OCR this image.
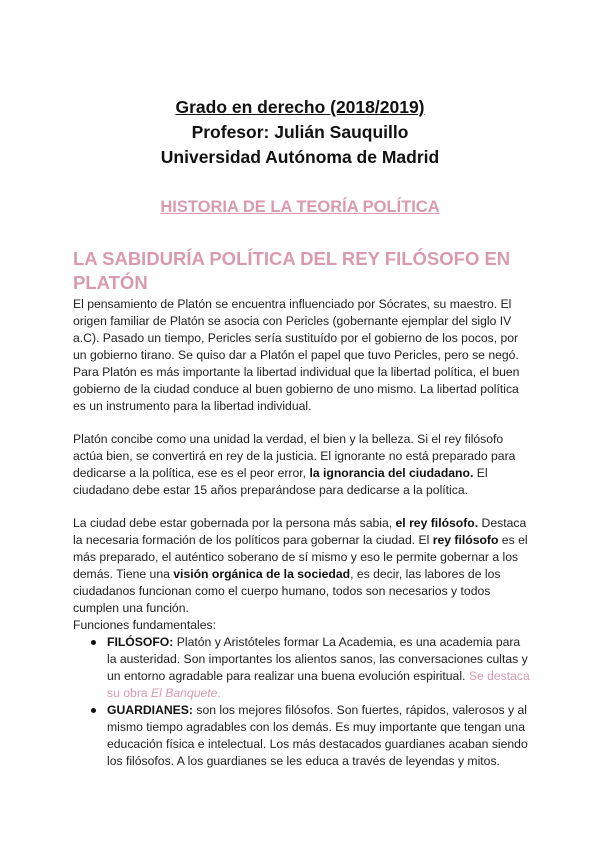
Grado en derecho (2018/2019)
Profesor: Julián Sauquillo
Universidad Autónoma de Madrid
HISTORIA DE LA TEORÍA POLÍTICA
LA SABIDURÍA POLÍTICA DEL REY FILÓSOFO EN PLATÓN

El pensamiento de Platón se encuentra influenciado por Sócrates, su maestro. El origen familiar de Platón se asocia con Pericles (gobernante ejemplar del siglo IV a.C). Pasado un tiempo, Pericles sería sustituído por el gobierno de los pocos, por un gobierno tirano. Se quiso dar a Platón el papel que tuvo Pericles, pero se negó. Para Platón es más importante la libertad individual que la libertad política, el buen gobierno de la ciudad conduce al buen gobierno de uno mismo. La libertad política es un instrumento para la libertad individual.

Platón concibe como una unidad la verdad, el bien y la belleza. Si el rey filósofo actúa bien, se convertirá en rey de la justicia. El ignorante no está preparado para dedicarse a la política, ese es el peor error, la ignorancia del ciudadano. El ciudadano debe estar 15 años preparándose para dedicarse a la política.

La ciudad debe estar gobernada por la persona más sabia, el rey filósofo. Destaca la necesaria formación de los políticos para gobernar la ciudad. El rey filósofo es el más preparado, el auténtico soberano de sí mismo y eso le permite gobernar a los demás. Tiene una visión orgánica de la sociedad, es decir, las labores de los ciudadanos funcionan como el cuerpo humano, todos son necesarios y todos cumplen una función.

Funciones fundamentales:

FILÓSOFO: Platón y Aristóteles formar La Academia, es una academia para la austeridad. Son importantes los alientos sanos, las conversaciones cultas y un entorno agradable para realizar una buena evolución espiritual. Se destaca su obra El Banquete.
GUARDIANES: son los mejores filósofos. Son fuertes, rápidos, valerosos y al mismo tiempo agradables con los demás. Es muy importante que tengan una educación física e intelectual. Los más destacados guardianes acaban siendo los filósofos. A los guardianes se les educa a través de leyendas y mitos.
